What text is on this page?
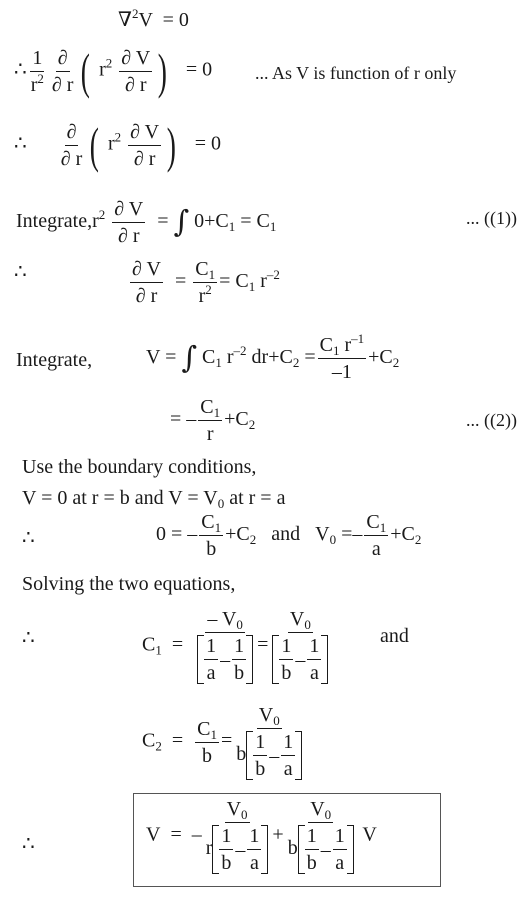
∇$^2$V = 0
∴ $\frac{1}{r^2} \frac{\partial}{\partial r}$ ( $r^2 \frac{\partial V}{\partial r}$ ) = 0 ... As V is function of r only
∴ $\frac{\partial}{\partial r}$ ( $r^2 \frac{\partial V}{\partial r}$ ) = 0
$Integrate,r^2 \frac{\partial V}{\partial r}$ = ∫ $0+C_1 = C_1$	... ((1))
∴	$\frac{\partial V}{\partial r} = \frac{C_1}{r^2} = C_1$ $r^{-2}$
Integrate,	V = ∫ $C_1$ $r^{-2}$ $dr+C_2 = \frac{C_1 r^{-1}}{-1} +C_2$
= – $\frac{C_1}{r} +C_2$	... ((2))
Use the boundary conditions,
V = 0 at r = b and $V = V_0$ at r = a
∴	0 = – $\frac{C_1}{b} +C_2$ and $V_0 =- \frac{C_1}{a} +C_2$
Solving the two equations,
∴	$C_1 = \frac{- V_0}{\frac{1}{a} - \frac{1}{b}} = \frac{V_0}{\frac{1}{b} - \frac{1}{a}}$ and
$C_2 = \frac{C_1}{b} = \frac{V_0}{b \frac{1}{b} - \frac{1}{a}}$
∴	V  =  – $\frac{V_0}{r \frac{1}{b} - \frac{1}{a}} + \frac{V_0}{b \frac{1}{b} - \frac{1}{a}}$ V
